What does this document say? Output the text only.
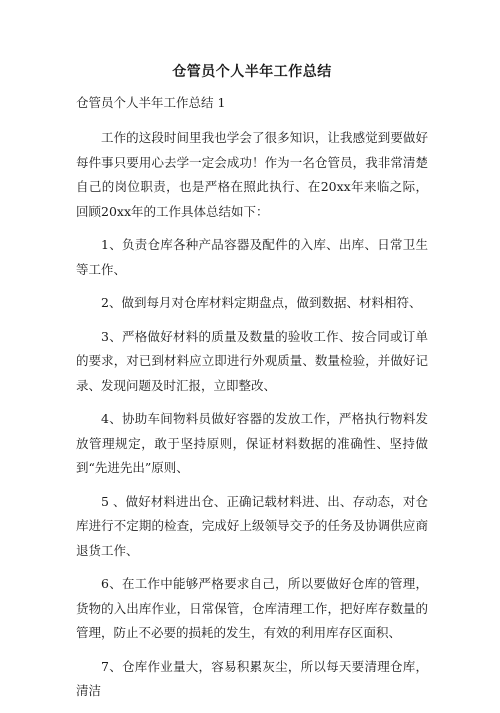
仓管员个人半年工作总结
仓管员个人半年工作总结 1

工作的这段时间里我也学会了很多知识，让我感觉到要做好每件事只要用心去学一定会成功！作为一名仓管员，我非常清楚自己的岗位职责，也是严格在照此执行、在20xx年来临之际，回顾20xx年的工作具体总结如下：

1、负责仓库各种产品容器及配件的入库、出库、日常卫生等工作、

2、做到每月对仓库材料定期盘点，做到数据、材料相符、

3、严格做好材料的质量及数量的验收工作、按合同或订单的要求，对已到材料应立即进行外观质量、数量检验，并做好记录、发现问题及时汇报，立即整改、

4、协助车间物料员做好容器的发放工作，严格执行物料发放管理规定，敢于坚持原则，保证材料数据的准确性、坚持做到“先进先出”原则、

5 、做好材料进出仓、正确记载材料进、出、存动态，对仓库进行不定期的检查，完成好上级领导交予的任务及协调供应商退货工作、

6、在工作中能够严格要求自己，所以要做好仓库的管理，货物的入出库作业，日常保管，仓库清理工作，把好库存数量的管理，防止不必要的损耗的发生，有效的利用库存区面积、

7、仓库作业量大，容易积累灰尘，所以每天要清理仓库，清洁
